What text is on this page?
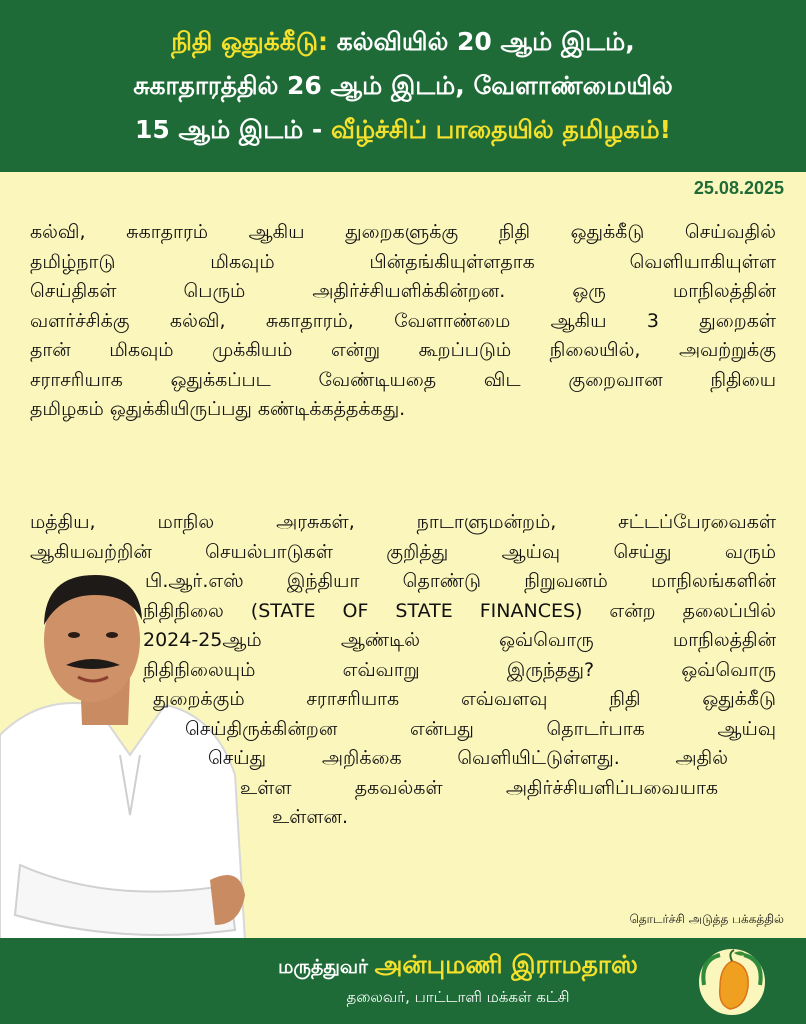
நிதி ஒதுக்கீடு: கல்வியில் 20 ஆம் இடம்,
சுகாதாரத்தில் 26 ஆம் இடம், வேளாண்மையில்
15 ஆம் இடம் - வீழ்ச்சிப் பாதையில் தமிழகம்!
25.08.2025
கல்வி, சுகாதாரம் ஆகிய துறைகளுக்கு நிதி ஒதுக்கீடு செய்வதில்
தமிழ்நாடு மிகவும் பின்தங்கியுள்ளதாக வெளியாகியுள்ள
செய்திகள் பெரும் அதிர்ச்சியளிக்கின்றன. ஒரு மாநிலத்தின்
வளர்ச்சிக்கு கல்வி, சுகாதாரம், வேளாண்மை ஆகிய 3 துறைகள்
தான் மிகவும் முக்கியம் என்று கூறப்படும் நிலையில், அவற்றுக்கு
சராசரியாக ஒதுக்கப்பட வேண்டியதை விட குறைவான நிதியை
தமிழகம் ஒதுக்கியிருப்பது கண்டிக்கத்தக்கது.
மத்திய, மாநில அரசுகள், நாடாளுமன்றம், சட்டப்பேரவைகள்
ஆகியவற்றின் செயல்பாடுகள் குறித்து ஆய்வு செய்து வரும்
பி.ஆர்.எஸ் இந்தியா தொண்டு நிறுவனம் மாநிலங்களின்
நிதிநிலை (STATE OF STATE FINANCES) என்ற தலைப்பில்
2024-25ஆம் ஆண்டில் ஒவ்வொரு மாநிலத்தின்
நிதிநிலையும் எவ்வாறு இருந்தது? ஒவ்வொரு
துறைக்கும் சராசரியாக எவ்வளவு நிதி ஒதுக்கீடு
செய்திருக்கின்றன என்பது தொடர்பாக ஆய்வு
செய்து அறிக்கை வெளியிட்டுள்ளது. அதில்
உள்ள தகவல்கள் அதிர்ச்சியளிப்பவையாக
உள்ளன.
தொடர்ச்சி அடுத்த பக்கத்தில்
மருத்துவர் அன்புமணி இராமதாஸ்
தலைவர், பாட்டாளி மக்கள் கட்சி
